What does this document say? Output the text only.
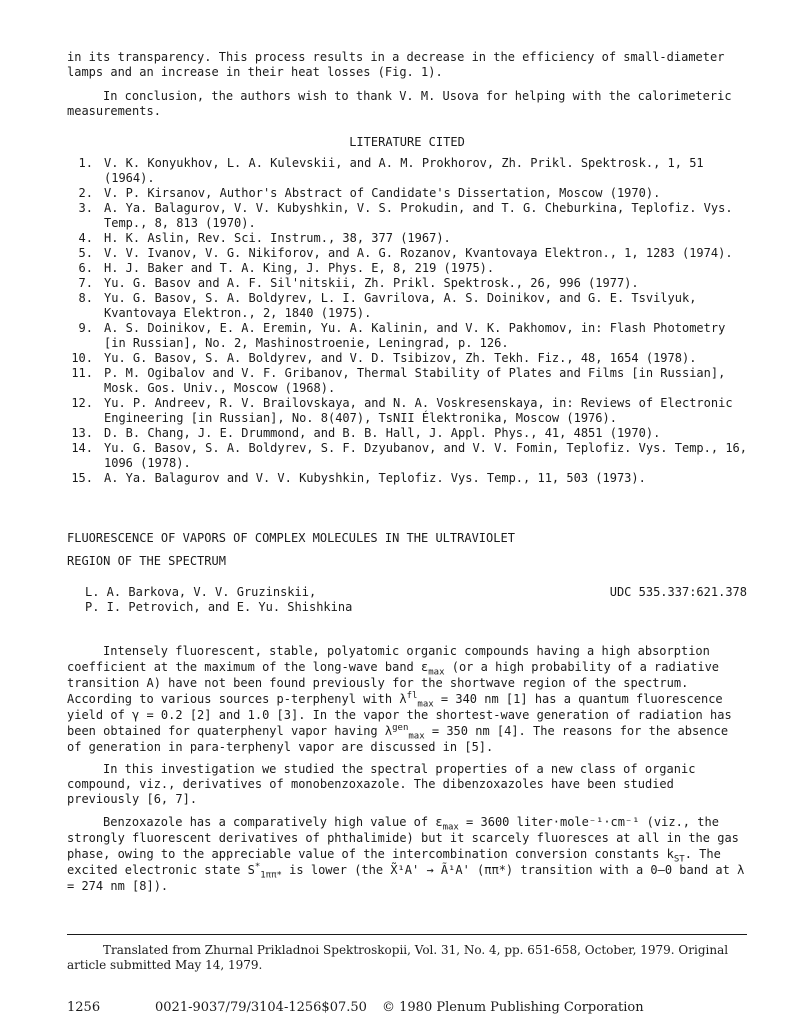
in its transparency. This process results in a decrease in the efficiency of small-diameter lamps and an increase in their heat losses (Fig. 1).

In conclusion, the authors wish to thank V. M. Usova for helping with the calorimeteric measurements.

LITERATURE CITED

1. V. K. Konyukhov, L. A. Kulevskii, and A. M. Prokhorov, Zh. Prikl. Spektrosk., 1, 51 (1964).
2. V. P. Kirsanov, Author's Abstract of Candidate's Dissertation, Moscow (1970).
3. A. Ya. Balagurov, V. V. Kubyshkin, V. S. Prokudin, and T. G. Cheburkina, Teplofiz. Vys. Temp., 8, 813 (1970).
4. H. K. Aslin, Rev. Sci. Instrum., 38, 377 (1967).
5. V. V. Ivanov, V. G. Nikiforov, and A. G. Rozanov, Kvantovaya Elektron., 1, 1283 (1974).
6. H. J. Baker and T. A. King, J. Phys. E, 8, 219 (1975).
7. Yu. G. Basov and A. F. Sil'nitskii, Zh. Prikl. Spektrosk., 26, 996 (1977).
8. Yu. G. Basov, S. A. Boldyrev, L. I. Gavrilova, A. S. Doinikov, and G. E. Tsvilyuk, Kvantovaya Elektron., 2, 1840 (1975).
9. A. S. Doinikov, E. A. Eremin, Yu. A. Kalinin, and V. K. Pakhomov, in: Flash Photometry [in Russian], No. 2, Mashinostroenie, Leningrad, p. 126.
10. Yu. G. Basov, S. A. Boldyrev, and V. D. Tsibizov, Zh. Tekh. Fiz., 48, 1654 (1978).
11. P. M. Ogibalov and V. F. Gribanov, Thermal Stability of Plates and Films [in Russian], Mosk. Gos. Univ., Moscow (1968).
12. Yu. P. Andreev, R. V. Brailovskaya, and N. A. Voskresenskaya, in: Reviews of Electronic Engineering [in Russian], No. 8(407), TsNII Élektronika, Moscow (1976).
13. D. B. Chang, J. E. Drummond, and B. B. Hall, J. Appl. Phys., 41, 4851 (1970).
14. Yu. G. Basov, S. A. Boldyrev, S. F. Dzyubanov, and V. V. Fomin, Teplofiz. Vys. Temp., 16, 1096 (1978).
15. A. Ya. Balagurov and V. V. Kubyshkin, Teplofiz. Vys. Temp., 11, 503 (1973).

FLUORESCENCE OF VAPORS OF COMPLEX MOLECULES IN THE ULTRAVIOLET

REGION OF THE SPECTRUM

L. A. Barkova, V. V. Gruzinskii,

P. I. Petrovich, and E. Yu. Shishkina

UDC 535.337:621.378

Intensely fluorescent, stable, polyatomic organic compounds having a high absorption coefficient at the maximum of the long-wave band $\varepsilon_{max}$ (or a high probability of a radiative transition A) have not been found previously for the shortwave region of the spectrum. According to various sources p-terphenyl with $\lambda^{fl}_{max} = 340$ nm [1] has a quantum fluorescence yield of γ = 0.2 [2] and 1.0 [3]. In the vapor the shortest-wave generation of radiation has been obtained for quaterphenyl vapor having $\lambda^{gen}_{max} = 350$ nm [4]. The reasons for the absence of generation in para-terphenyl vapor are discussed in [5].

In this investigation we studied the spectral properties of a new class of organic compound, viz., derivatives of monobenzoxazole. The dibenzoxazoles have been studied previously [6, 7].

Benzoxazole has a comparatively high value of $\varepsilon_{max} = 3600$ liter·mole⁻¹·cm⁻¹ (viz., the strongly fluorescent derivatives of phthalimide) but it scarcely fluoresces at all in the gas phase, owing to the appreciable value of the intercombination conversion constants $k_{ST}$. The excited electronic state $S^*_{1\pi\pi*}$ is lower (the X̃¹A' → Ã¹A' (ππ*) transition with a 0–0 band at λ = 274 nm [8]).

Translated from Zhurnal Prikladnoi Spektroskopii, Vol. 31, No. 4, pp. 651-658, October, 1979. Original article submitted May 14, 1979.

1256	0021-9037/79/3104-1256$07.50 © 1980 Plenum Publishing Corporation
